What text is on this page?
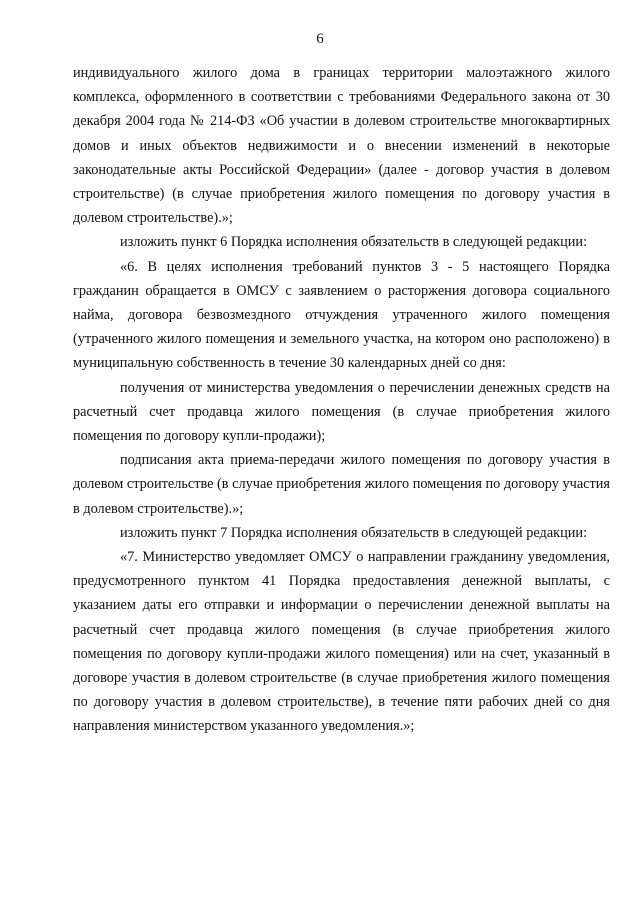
6

индивидуального жилого дома в границах территории малоэтажного жилого комплекса, оформленного в соответствии с требованиями Федерального закона от 30 декабря 2004 года № 214-ФЗ «Об участии в долевом строительстве многоквартирных домов и иных объектов недвижимости и о внесении изменений в некоторые законодательные акты Российской Федерации» (далее - договор участия в долевом строительстве) (в случае приобретения жилого помещения по договору участия в долевом строительстве).»;

изложить пункт 6 Порядка исполнения обязательств в следующей редакции:

«6. В целях исполнения требований пунктов 3 - 5 настоящего Порядка гражданин обращается в ОМСУ с заявлением о расторжения договора социального найма, договора безвозмездного отчуждения утраченного жилого помещения (утраченного жилого помещения и земельного участка, на котором оно расположено) в муниципальную собственность в течение 30 календарных дней со дня:

получения от министерства уведомления о перечислении денежных средств на расчетный счет продавца жилого помещения (в случае приобретения жилого помещения по договору купли-продажи);

подписания акта приема-передачи жилого помещения по договору участия в долевом строительстве (в случае приобретения жилого помещения по договору участия в долевом строительстве).»;

изложить пункт 7 Порядка исполнения обязательств в следующей редакции:

«7. Министерство уведомляет ОМСУ о направлении гражданину уведомления, предусмотренного пунктом 41 Порядка предоставления денежной выплаты, с указанием даты его отправки и информации о перечислении денежной выплаты на расчетный счет продавца жилого помещения (в случае приобретения жилого помещения по договору купли-продажи жилого помещения) или на счет, указанный в договоре участия в долевом строительстве (в случае приобретения жилого помещения по договору участия в долевом строительстве), в течение пяти рабочих дней со дня направления министерством указанного уведомления.»;
